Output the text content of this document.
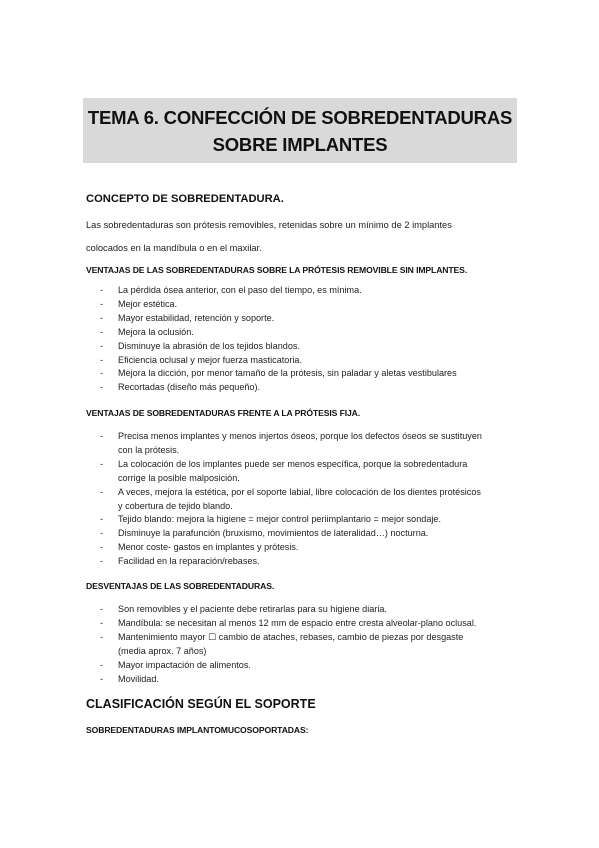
TEMA 6. CONFECCIÓN DE SOBREDENTADURAS
SOBRE IMPLANTES
CONCEPTO DE SOBREDENTADURA.
Las sobredentaduras son prótesis removibles, retenidas sobre un mínimo de 2 implantes
colocados en la mandíbula o en el maxilar.
VENTAJAS DE LAS SOBREDENTADURAS SOBRE LA PRÓTESIS REMOVIBLE SIN IMPLANTES.
- La pérdida ósea anterior, con el paso del tiempo, es mínima.
- Mejor estética.
- Mayor estabilidad, retención y soporte.
- Mejora la oclusión.
- Disminuye la abrasión de los tejidos blandos.
- Eficiencia oclusal y mejor fuerza masticatoria.
- Mejora la dicción, por menor tamaño de la prótesis, sin paladar y aletas vestibulares
- Recortadas (diseño más pequeño).
VENTAJAS DE SOBREDENTADURAS FRENTE A LA PRÓTESIS FIJA.
- Precisa menos implantes y menos injertos óseos, porque los defectos óseos se sustituyen
con la prótesis.
- La colocación de los implantes puede ser menos específica, porque la sobredentadura
corrige la posible malposición.
- A veces, mejora la estética, por el soporte labial, libre colocación de los dientes protésicos
y cobertura de tejido blando.
- Tejido blando: mejora la higiene = mejor control periimplantario = mejor sondaje.
- Disminuye la parafunción (bruxismo, movimientos de lateralidad…) nocturna.
- Menor coste- gastos en implantes y prótesis.
- Facilidad en la reparación/rebases.
DESVENTAJAS DE LAS SOBREDENTADURAS.
- Son removibles y el paciente debe retirarlas para su higiene diaria.
- Mandíbula: se necesitan al menos 12 mm de espacio entre cresta alveolar-plano oclusal.
- Mantenimiento mayor ☐ cambio de ataches, rebases, cambio de piezas por desgaste
(media aprox. 7 años)
- Mayor impactación de alimentos.
- Movilidad.
CLASIFICACIÓN SEGÚN EL SOPORTE
SOBREDENTADURAS IMPLANTOMUCOSOPORTADAS:
